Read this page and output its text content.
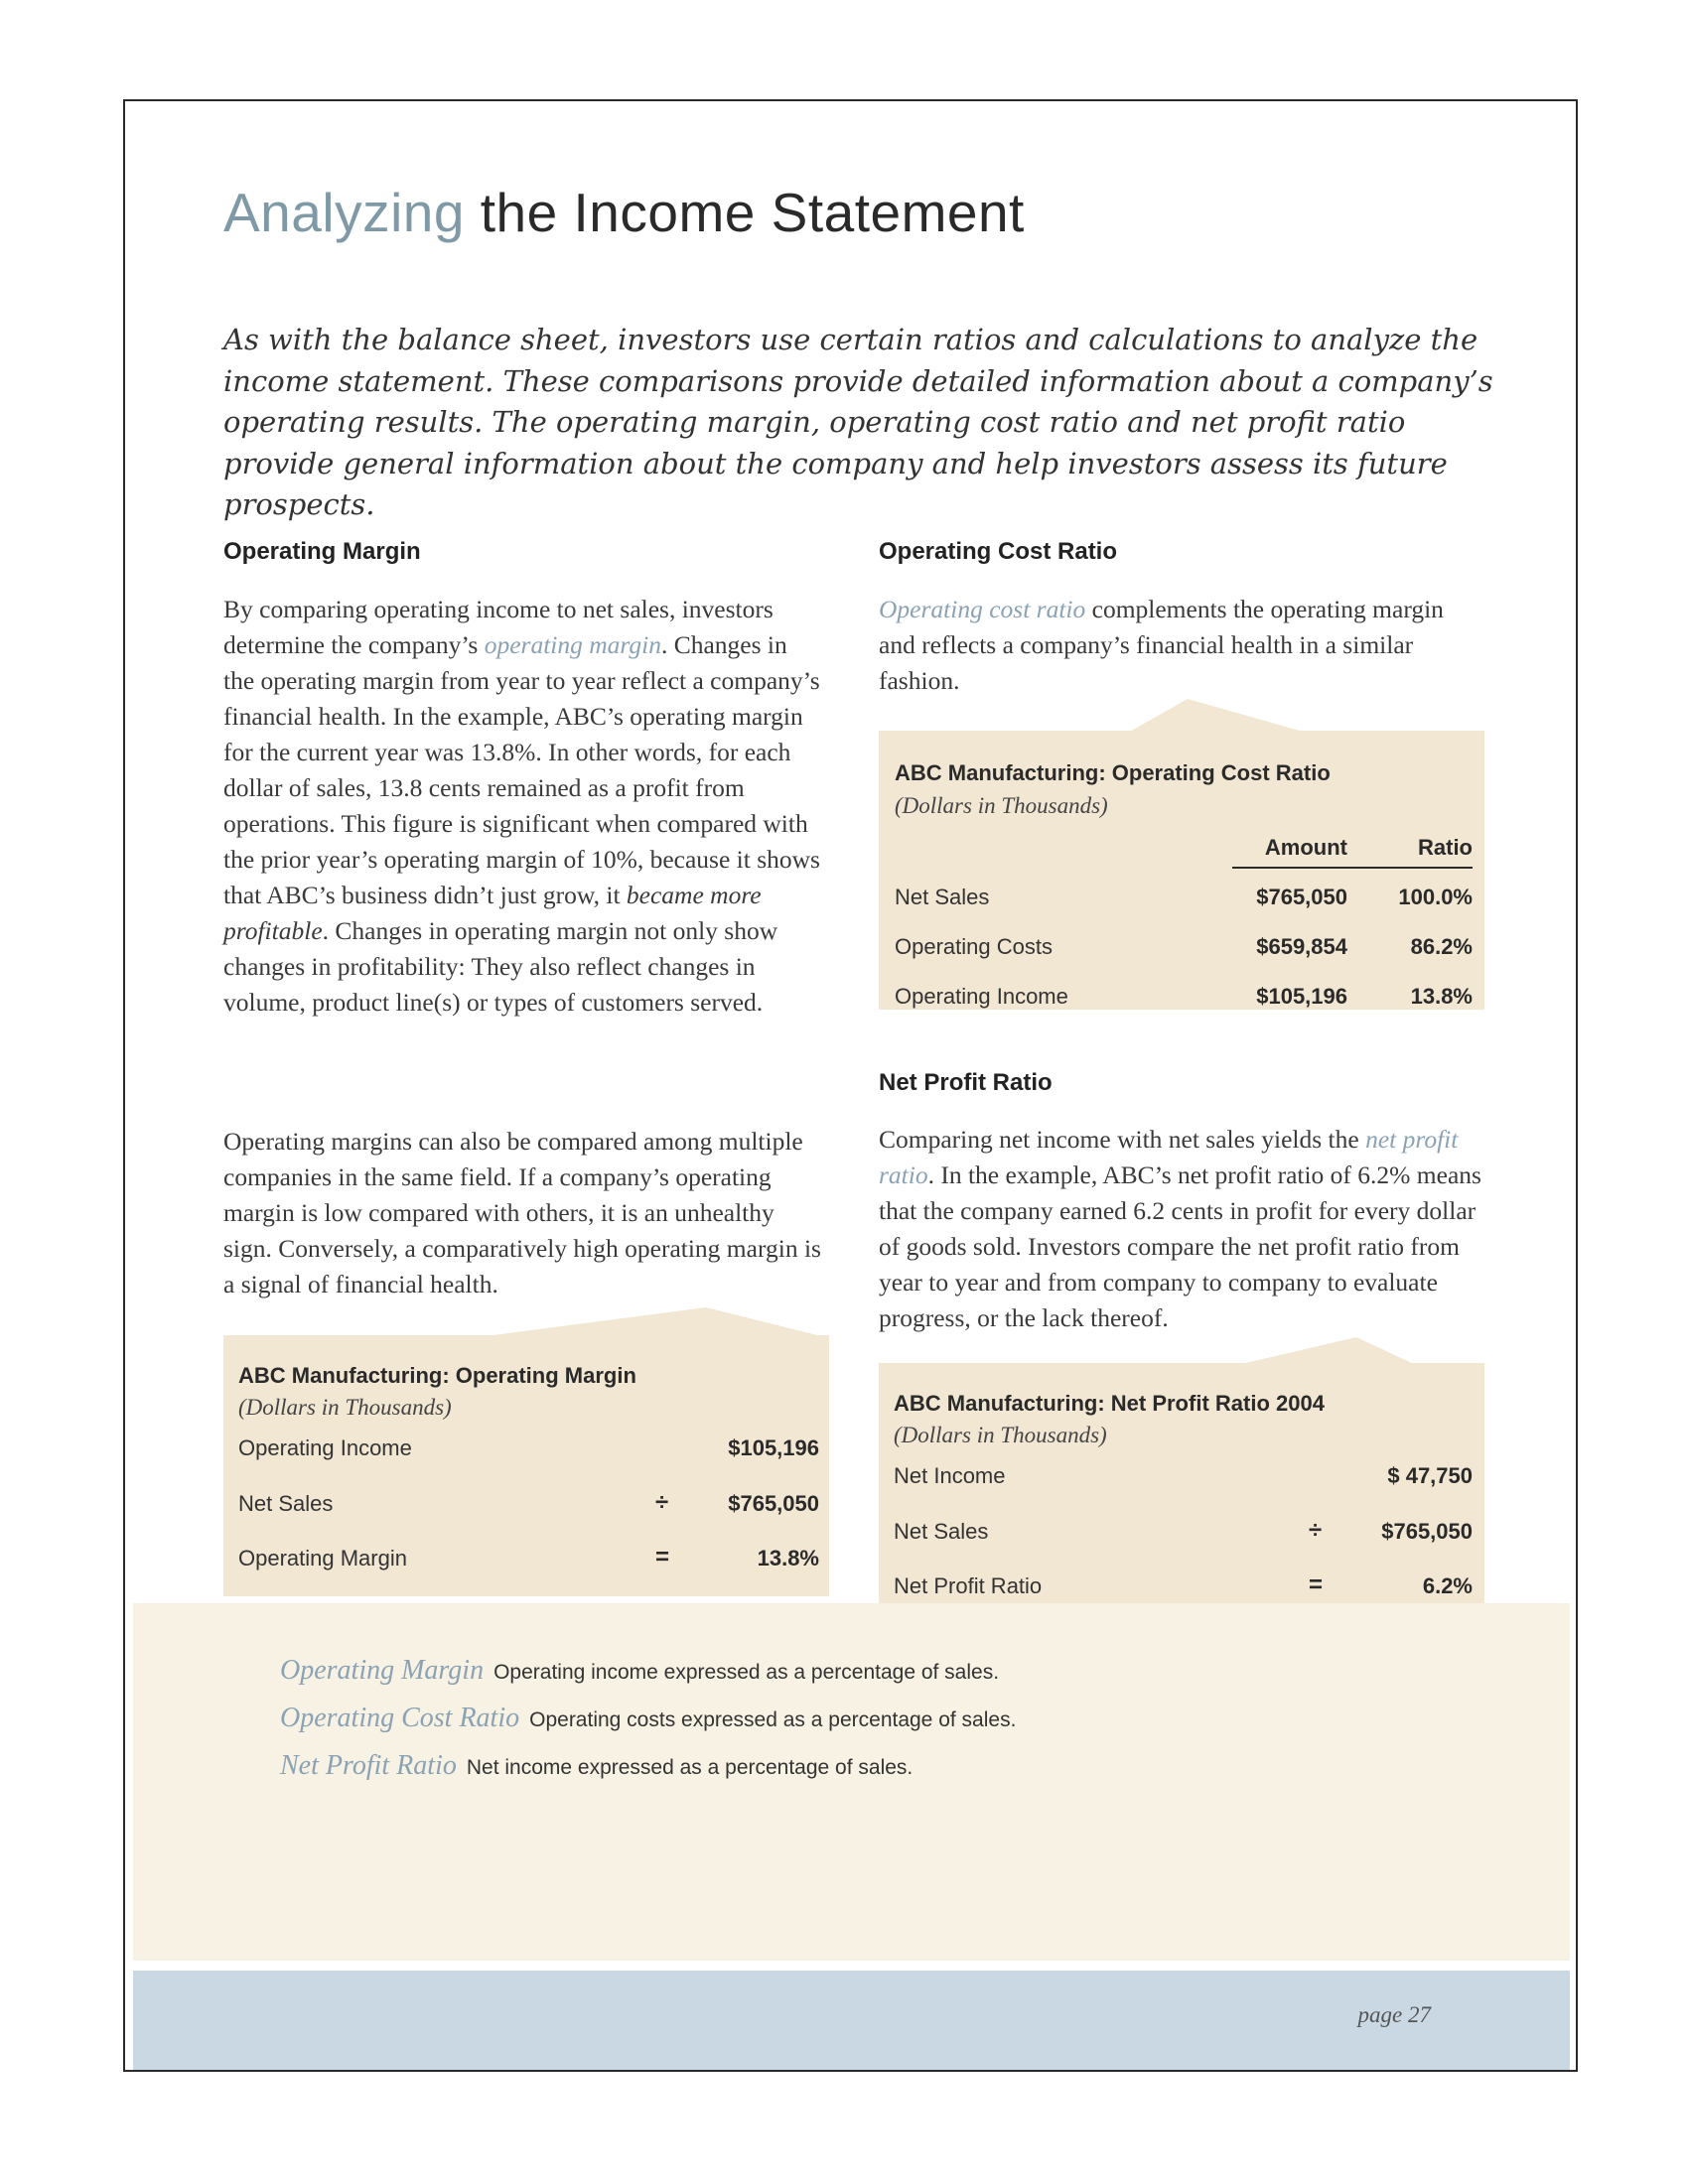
Analyzing the Income Statement

As with the balance sheet, investors use certain ratios and calculations to analyze the income statement. These comparisons provide detailed information about a company’s operating results. The operating margin, operating cost ratio and net profit ratio provide general information about the company and help investors assess its future prospects.

Operating Margin

By comparing operating income to net sales, investors determine the company’s operating margin. Changes in the operating margin from year to year reflect a company’s financial health. In the example, ABC’s operating margin for the current year was 13.8%. In other words, for each dollar of sales, 13.8 cents remained as a profit from operations. This figure is significant when compared with the prior year’s operating margin of 10%, because it shows that ABC’s business didn’t just grow, it became more profitable. Changes in operating margin not only show changes in profitability: They also reflect changes in volume, product line(s) or types of customers served.

Operating margins can also be compared among multiple companies in the same field. If a company’s operating margin is low compared with others, it is an unhealthy sign. Conversely, a comparatively high operating margin is a signal of financial health.

ABC Manufacturing: Operating Margin
(Dollars in Thousands)
Operating Income	$105,196
Net Sales	÷	$765,050
Operating Margin	=	13.8%
Operating Cost Ratio

Operating cost ratio complements the operating margin and reflects a company’s financial health in a similar fashion.

ABC Manufacturing: Operating Cost Ratio
(Dollars in Thousands)
Amount	Ratio
Net Sales	$765,050 100.0%
Operating Costs	$659,854	86.2%
Operating Income	$105,196	13.8%
Net Profit Ratio

Comparing net income with net sales yields the net profit ratio. In the example, ABC’s net profit ratio of 6.2% means that the company earned 6.2 cents in profit for every dollar of goods sold. Investors compare the net profit ratio from year to year and from company to company to evaluate progress, or the lack thereof.

ABC Manufacturing: Net Profit Ratio 2004
(Dollars in Thousands)
Net Income	$ 47,750
Net Sales	÷	$765,050
Net Profit Ratio	=	6.2%
Operating Margin Operating income expressed as a percentage of sales.
Operating Cost Ratio Operating costs expressed as a percentage of sales.
Net Profit Ratio Net income expressed as a percentage of sales.
page 27
